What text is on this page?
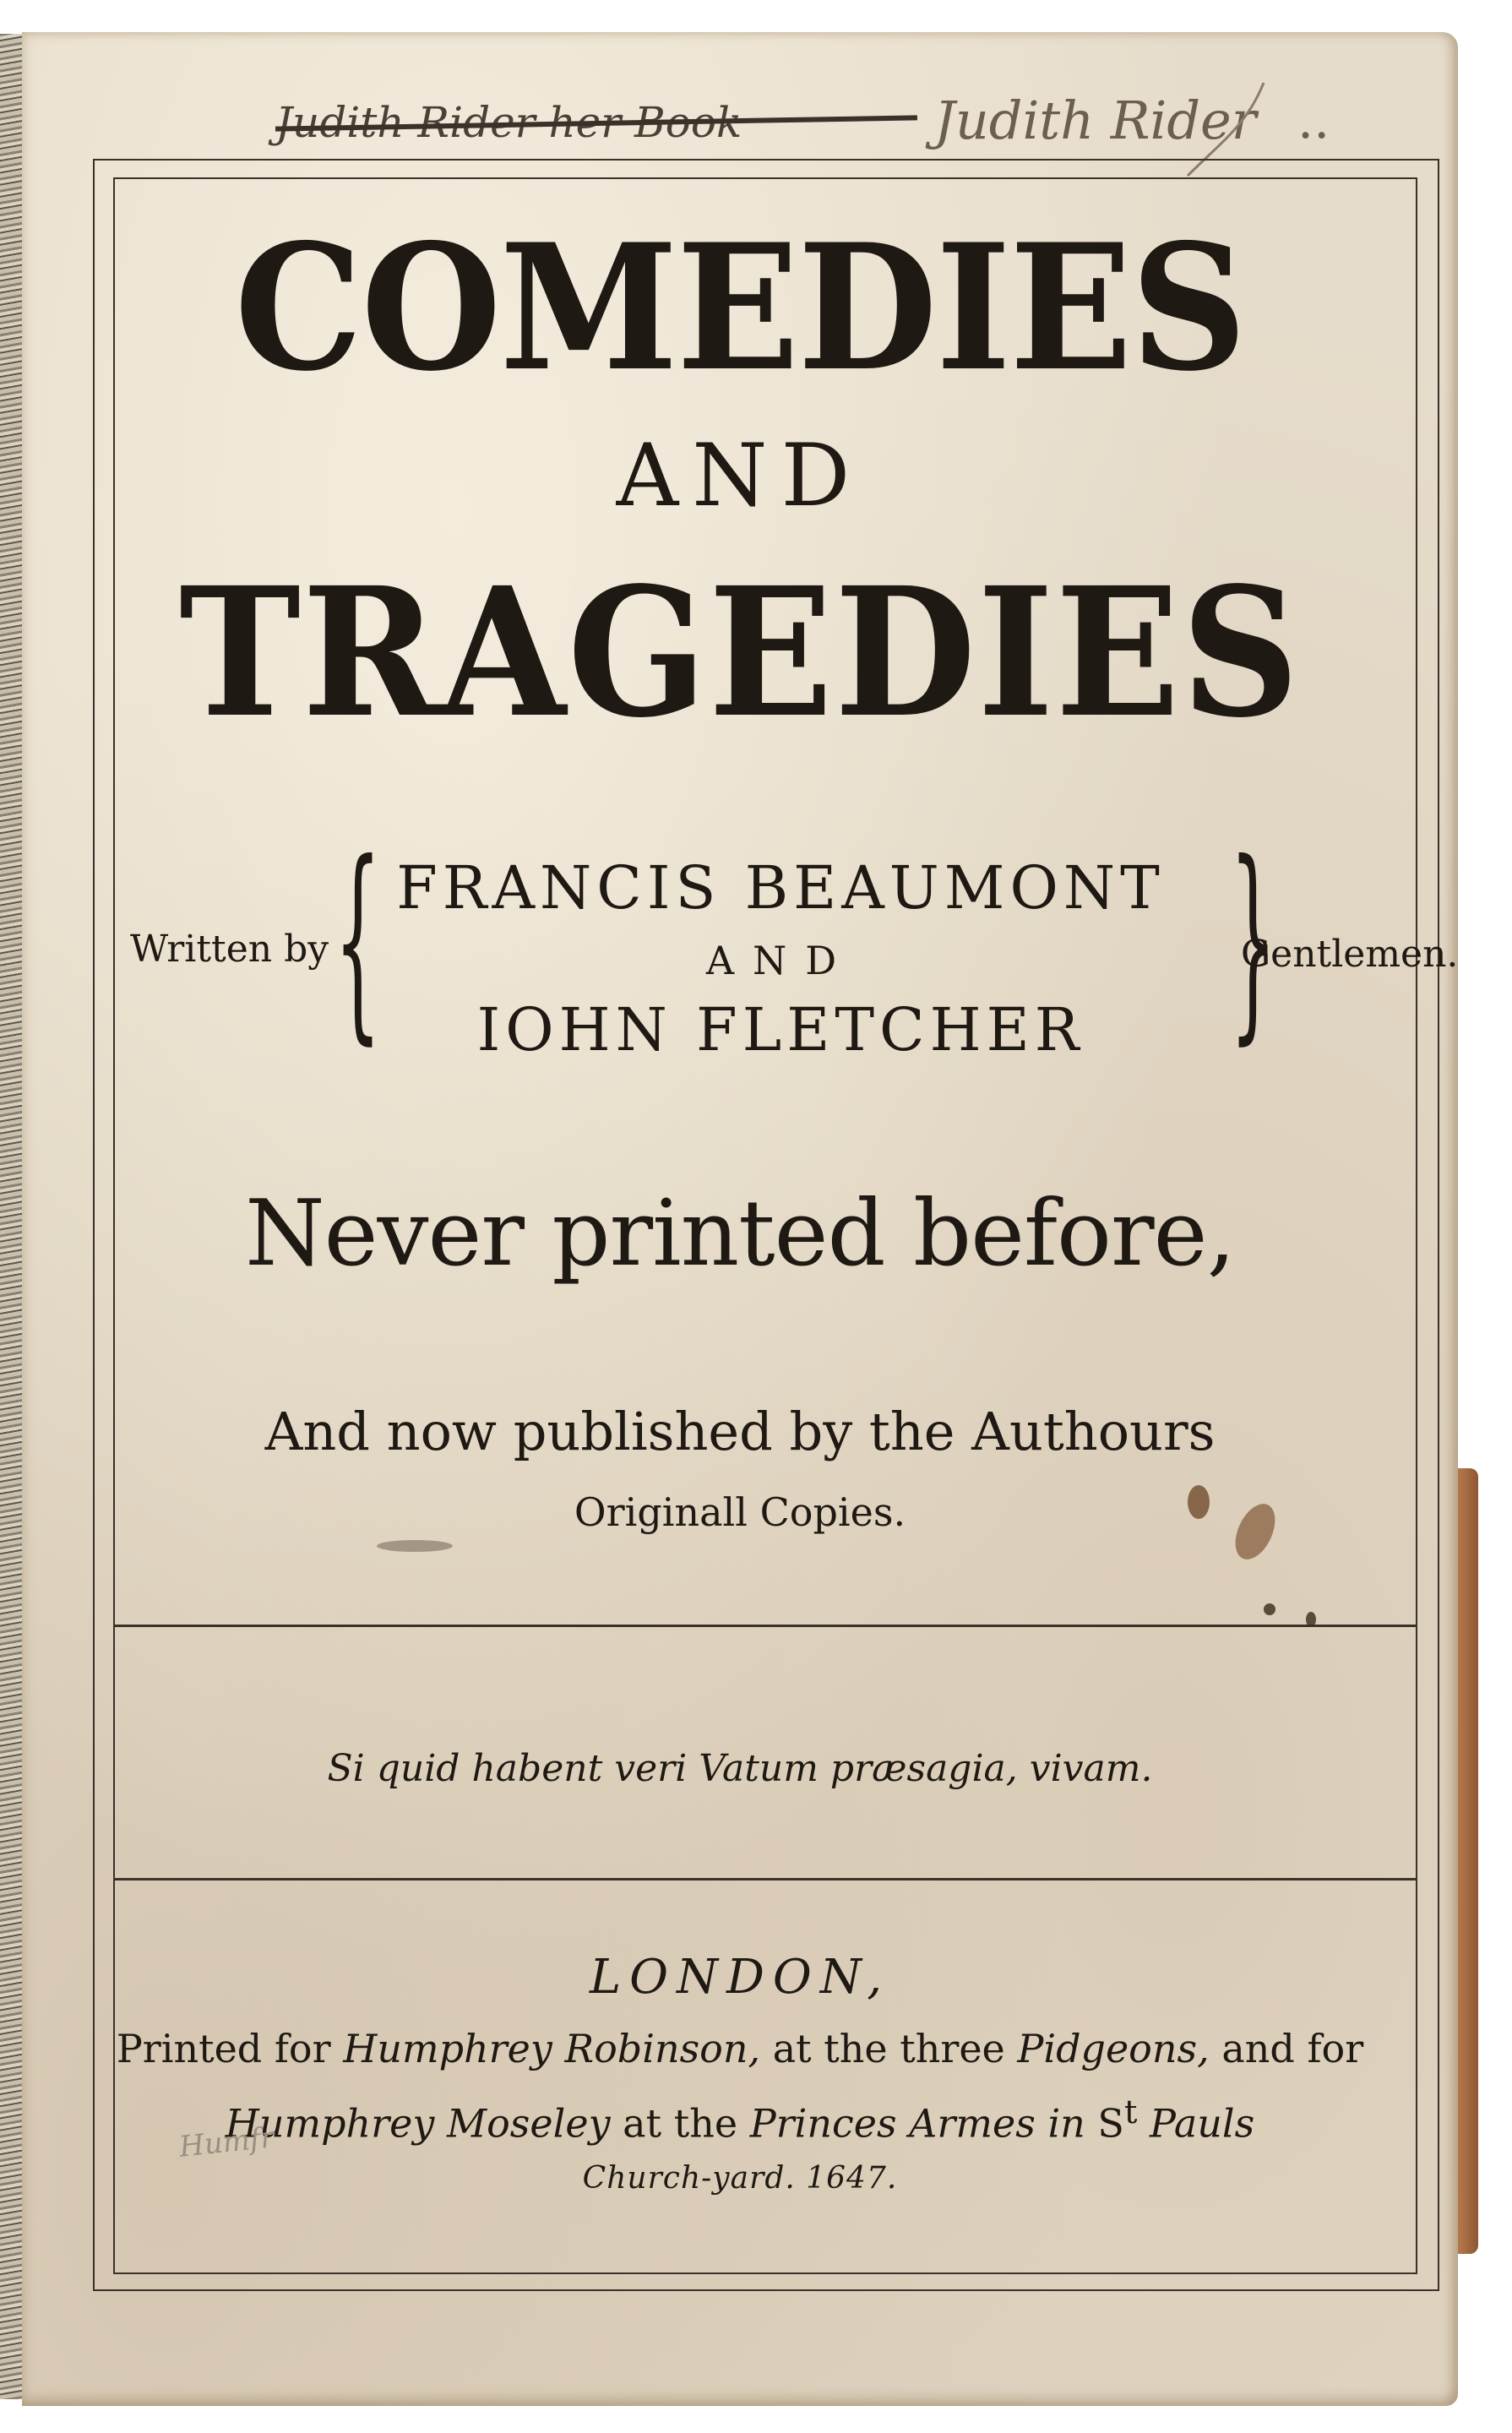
Judith Rider her Book	Judith Rider ..
COMEDIES
AND
TRAGEDIES
Written by { FRANCIS BEAUMONT
AND
IOHN FLETCHER }
Gentlemen.
Never printed before,
And now published by the Authours
Originall Copies.
Si quid habent veri Vatum præsagia, vivam.
LONDON,
Printed for Humphrey Robinson, at the three Pidgeons, and for
Humphrey Moseley at the Princes Armes in $S^t$ Pauls
Church-yard. 1647.
Humfr
